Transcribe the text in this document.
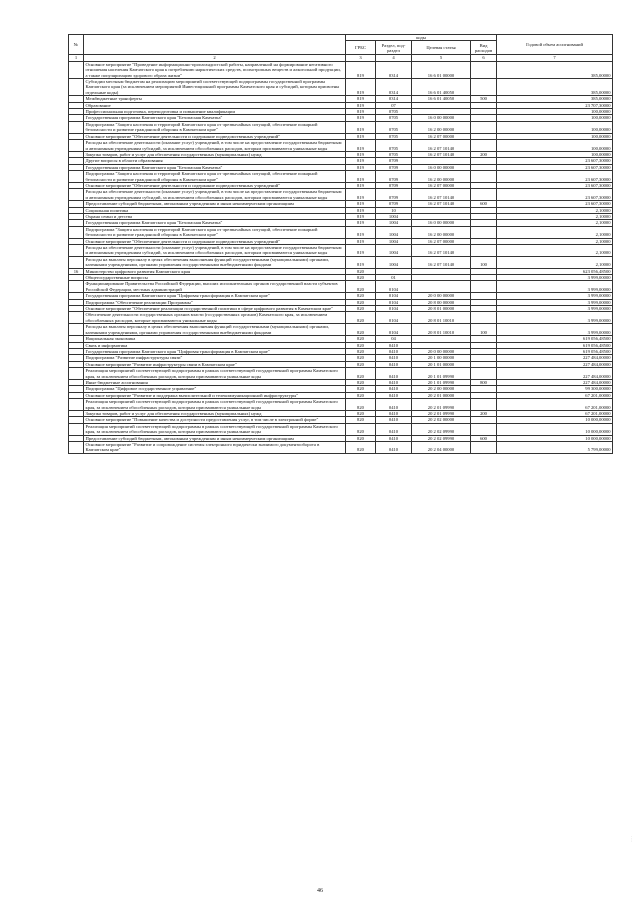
№		коды				Годовой объем ассигнований
		ГРБС	Раздел, под-раздел	Целевая статья	Вид расходов	
1	2	3	4	5	6	7
	Основное мероприятие "Проведение информационно-пропагандистской работы, направленной на формирование негативного отношения населения Камчатского края к потреблению наркотических средств, психотропных веществ и алкогольной продукции, а также популяризацию здорового образа жизни"	819	0314	16 6 01 00000		385,00000
	Субсидии местным бюджетам на реализацию мероприятий соответствующей подпрограммы государственной программы Камчатского края (за исключением мероприятий Инвестиционной программы Камчатского края и субсидий, которым присвоены отдельные коды)	819	0314	16 6 01 40050		385,00000
	Межбюджетные трансферты	819	0314	16 6 01 40050	500	385,00000
	Образование	819	07			23 707,30000
	Профессиональная подготовка, переподготовка и повышение квалификации	819	0705			100,00000
	Государственная программа Камчатского края "Безопасная Камчатка"	819	0705	16 0 00 00000		100,00000
	Подпрограмма "Защита населения и территорий Камчатского края от чрезвычайных ситуаций, обеспечение пожарной безопасности и развитие гражданской обороны в Камчатском крае"	819	0705	16 2 00 00000		100,00000
	Основное мероприятие "Обеспечение деятельности и содержание подведомственных учреждений"	819	0705	16 2 07 00000		100,00000
	Расходы на обеспечение деятельности (оказание услуг) учреждений, в том числе на предоставление государственным бюджетным и автономным учреждениям субсидий, за исключением обособленных расходов, которым присваиваются уникальные коды	819	0705	16 2 07 10140		100,00000
	Закупка товаров, работ и услуг для обеспечения государственных (муниципальных) нужд	819	0705	16 2 07 10140	200	100,00000
	Другие вопросы в области образования	819	0709			23 607,30000
	Государственная программа Камчатского края "Безопасная Камчатка"	819	0709	16 0 00 00000		23 607,30000
	Подпрограмма "Защита населения и территорий Камчатского края от чрезвычайных ситуаций, обеспечение пожарной безопасности и развитие гражданской обороны в Камчатском крае"	819	0709	16 2 00 00000		23 607,30000
	Основное мероприятие "Обеспечение деятельности и содержание подведомственных учреждений"	819	0709	16 2 07 00000		23 607,30000
	Расходы на обеспечение деятельности (оказание услуг) учреждений, в том числе на предоставление государственным бюджетным и автономным учреждениям субсидий, за исключением обособленных расходов, которым присваиваются уникальные коды	819	0709	16 2 07 10140		23 607,30000
	Предоставление субсидий бюджетным, автономным учреждениям и иным некоммерческим организациям	819	0709	16 2 07 10140	600	23 607,30000
	Социальная политика	819	10			2,10000
	Охрана семьи и детства	819	1004			2,10000
	Государственная программа Камчатского края "Безопасная Камчатка"	819	1004	16 0 00 00000		2,10000
	Подпрограмма "Защита населения и территорий Камчатского края от чрезвычайных ситуаций, обеспечение пожарной безопасности и развитие гражданской обороны в Камчатском крае"	819	1004	16 2 00 00000		2,10000
	Основное мероприятие "Обеспечение деятельности и содержание подведомственных учреждений"	819	1004	16 2 07 00000		2,10000
	Расходы на обеспечение деятельности (оказание услуг) учреждений, в том числе на предоставление государственным бюджетным и автономным учреждениям субсидий, за исключением обособленных расходов, которым присваиваются уникальные коды	819	1004	16 2 07 10140		2,10000
	Расходы на выплаты персоналу в целях обеспечения выполнения функций государственными (муниципальными) органами, казенными учреждениями, органами управления государственными внебюджетными фондами	819	1004	16 2 07 10140	100	2,10000
16	Министерство цифрового развития Камчатского края	820				623 056,48500
	Общегосударственные вопросы	820	01			3 999,00000
	Функционирование Правительства Российской Федерации, высших исполнительных органов государственной власти субъектов Российской Федерации, местных администраций	820	0104			3 999,00000
	Государственная программа Камчатского края "Цифровая трансформация в Камчатском крае"	820	0104	20 0 00 00000		3 999,00000
	Подпрограмма "Обеспечение реализации Программы"	820	0104	20 8 00 00000		3 999,00000
	Основное мероприятие "Обеспечение реализации государственной политики в сфере цифрового развития в Камчатском крае"	820	0104	20 8 01 00000		3 999,00000
	Обеспечение деятельности государственных органов власти (государственных органов) Камчатского края, за исключением обособленных расходов, которые присваиваются уникальные коды	820	0104	20 8 01 10010		3 999,00000
	Расходы на выплаты персоналу в целях обеспечения выполнения функций государственными (муниципальными) органами, казенными учреждениями, органами управления государственными внебюджетными фондами	820	0104	20 8 01 10010	100	3 999,00000
	Национальная экономика	820	04			619 056,48500
	Связь и информатика	820	0410			619 056,48500
	Государственная программа Камчатского края "Цифровая трансформация в Камчатском крае"	820	0410	20 0 00 00000		619 056,48500
	Подпрограмма "Развитие инфраструктуры связи"	820	0410	20 1 00 00000		227 484,00000
	Основное мероприятие "Развитие инфраструктуры связи в Камчатском крае"	820	0410	20 1 01 00000		227 484,00000
	Реализация мероприятий соответствующей подпрограммы в рамках соответствующей государственной программы Камчатского края, за исключением обособленных расходов, которым присваиваются уникальные коды	820	0410	20 1 01 09990		227 484,00000
	Иные бюджетные ассигнования	820	0410	20 1 01 09990	800	227 484,00000
	Подпрограмма "Цифровое государственное управление"	820	0410	20 2 00 00000		99 300,00000
	Основное мероприятие "Развитие и поддержка вычислительной и телекоммуникационной инфраструктуры"	820	0410	20 2 01 00000		67 201,00000
	Реализация мероприятий соответствующей подпрограммы в рамках соответствующей государственной программы Камчатского края, за исключением обособленных расходов, которым присваиваются уникальные коды	820	0410	20 2 01 09990		67 201,00000
	Закупка товаров, работ и услуг для обеспечения государственных (муниципальных) нужд	820	0410	20 2 01 09990	200	67 201,00000
	Основное мероприятие "Повышение качества и доступности предоставления услуг, в том числе в электронной форме"	820	0410	20 2 02 00000		10 000,00000
	Реализация мероприятий соответствующей подпрограммы в рамках соответствующей государственной программы Камчатского края, за исключением обособленных расходов, которым присваиваются уникальные коды	820	0410	20 2 02 09990		10 000,00000
	Предоставление субсидий бюджетным, автономным учреждениям и иным некоммерческим организациям	820	0410	20 2 02 09990	600	10 000,00000
	Основное мероприятие "Развитие и сопровождение системы электронного юридически значимого документооборота в Камчатском крае"	820	0410	20 2 04 00000		5 799,00000
46
· · · ·
